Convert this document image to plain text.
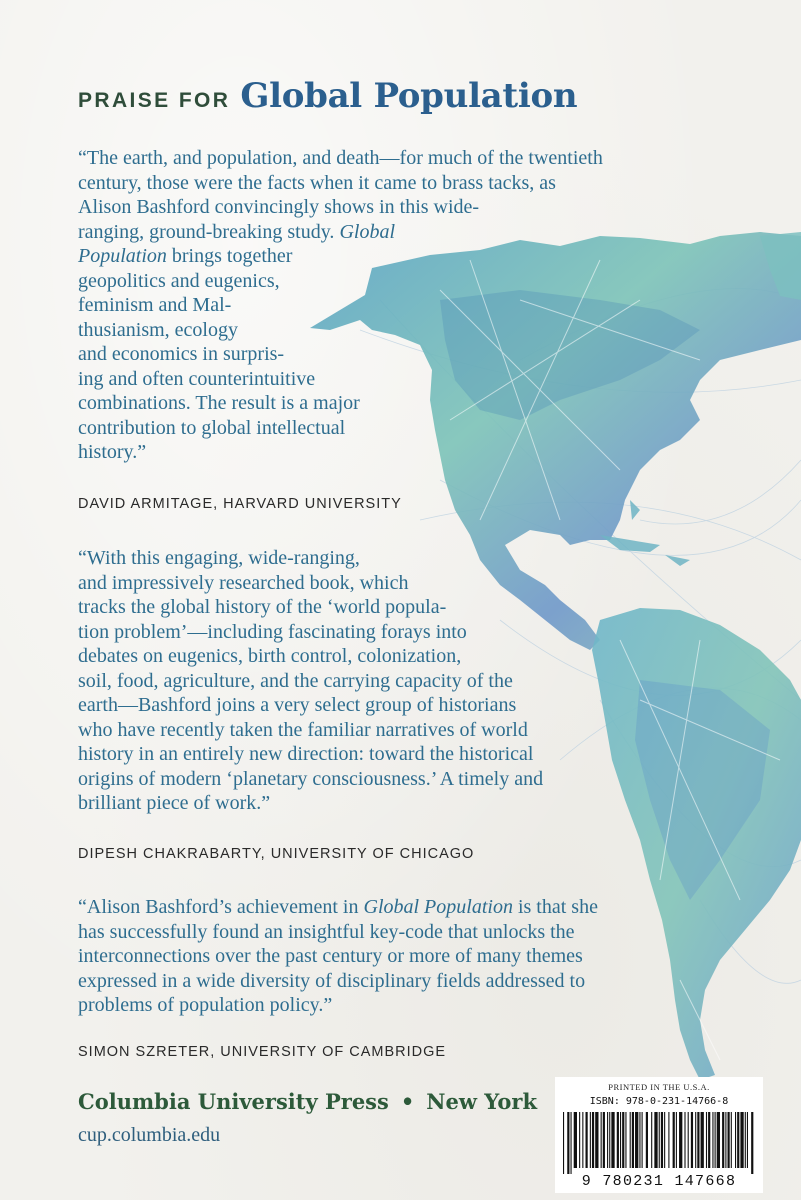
PRAISE FOR Global Population
“The earth, and population, and death—for much of the twentieth
century, those were the facts when it came to brass tacks, as
Alison Bashford convincingly shows in this wide-
ranging, ground-breaking study. Global
Population brings together
geopolitics and eugenics,
feminism and Mal-
thusianism, ecology
and economics in surpris-
ing and often counterintuitive
combinations. The result is a major
contribution to global intellectual
history.”

DAVID ARMITAGE, HARVARD UNIVERSITY

“With this engaging, wide-ranging,
and impressively researched book, which
tracks the global history of the ‘world popula-
tion problem’—including fascinating forays into
debates on eugenics, birth control, colonization,
soil, food, agriculture, and the carrying capacity of the
earth—Bashford joins a very select group of historians
who have recently taken the familiar narratives of world
history in an entirely new direction: toward the historical
origins of modern ‘planetary consciousness.’ A timely and
brilliant piece of work.”

DIPESH CHAKRABARTY, UNIVERSITY OF CHICAGO

“Alison Bashford’s achievement in Global Population is that she
has successfully found an insightful key-code that unlocks the
interconnections over the past century or more of many themes
expressed in a wide diversity of disciplinary fields addressed to
problems of population policy.”

SIMON SZRETER, UNIVERSITY OF CAMBRIDGE

Columbia University Press • New York

cup.columbia.edu

PRINTED IN THE U.S.A.
ISBN: 978-0-231-14766-8
9 780231 147668
